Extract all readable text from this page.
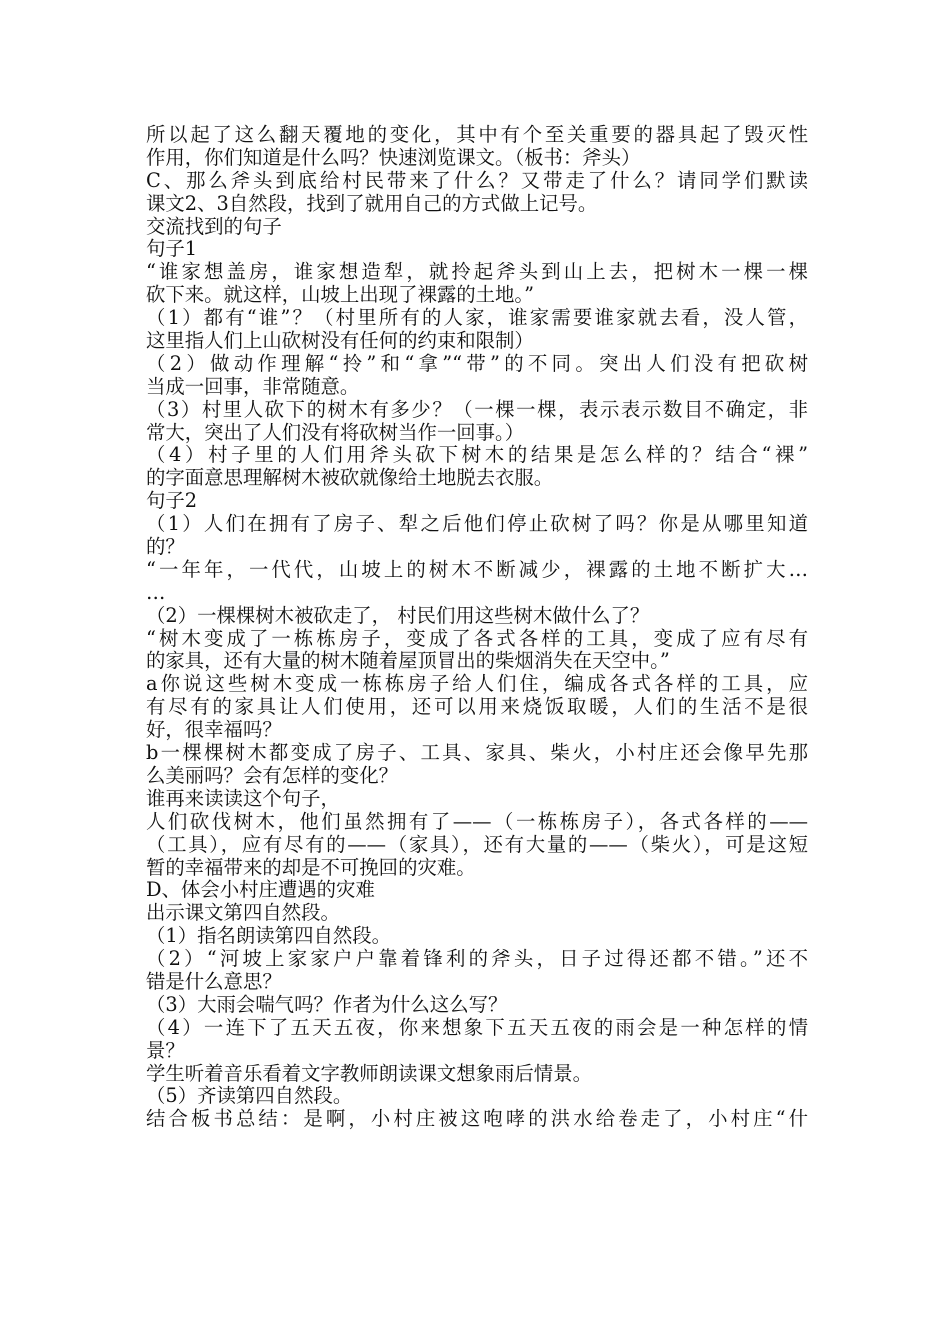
所以起了这么翻天覆地的变化，其中有个至关重要的器具起了毁灭性
作用，你们知道是什么吗？快速浏览课文。（板书：斧头）
C、那么斧头到底给村民带来了什么？又带走了什么？请同学们默读
课文2、3自然段，找到了就用自己的方式做上记号。
交流找到的句子
句子1
“谁家想盖房，谁家想造犁，就拎起斧头到山上去，把树木一棵一棵
砍下来。就这样，山坡上出现了裸露的土地。”
（1）都有“谁”？（村里所有的人家，谁家需要谁家就去看，没人管，
这里指人们上山砍树没有任何的约束和限制）
（2）做动作理解“拎”和“拿”“带”的不同。突出人们没有把砍树
当成一回事，非常随意。
（3）村里人砍下的树木有多少？（一棵一棵，表示表示数目不确定，非
常大，突出了人们没有将砍树当作一回事。）
（4）村子里的人们用斧头砍下树木的结果是怎么样的？结合“裸”
的字面意思理解树木被砍就像给土地脱去衣服。
句子2
（1）人们在拥有了房子、犁之后他们停止砍树了吗？你是从哪里知道
的？
“一年年，一代代，山坡上的树木不断减少，裸露的土地不断扩大…
…
（2）一棵棵树木被砍走了， 村民们用这些树木做什么了？
“树木变成了一栋栋房子，变成了各式各样的工具，变成了应有尽有
的家具，还有大量的树木随着屋顶冒出的柴烟消失在天空中。”
a你说这些树木变成一栋栋房子给人们住，编成各式各样的工具，应
有尽有的家具让人们使用，还可以用来烧饭取暖，人们的生活不是很
好，很幸福吗？
b一棵棵树木都变成了房子、工具、家具、柴火，小村庄还会像早先那
么美丽吗？会有怎样的变化？
谁再来读读这个句子，
人们砍伐树木，他们虽然拥有了——（一栋栋房子），各式各样的——
（工具），应有尽有的——（家具），还有大量的——（柴火），可是这短
暂的幸福带来的却是不可挽回的灾难。
D、体会小村庄遭遇的灾难
出示课文第四自然段。
（1）指名朗读第四自然段。
（2）“河坡上家家户户靠着锋利的斧头，日子过得还都不错。”还不
错是什么意思？
（3）大雨会喘气吗？作者为什么这么写？
（4）一连下了五天五夜，你来想象下五天五夜的雨会是一种怎样的情
景？
学生听着音乐看着文字教师朗读课文想象雨后情景。
（5）齐读第四自然段。
结合板书总结：是啊，小村庄被这咆哮的洪水给卷走了，小村庄“什
